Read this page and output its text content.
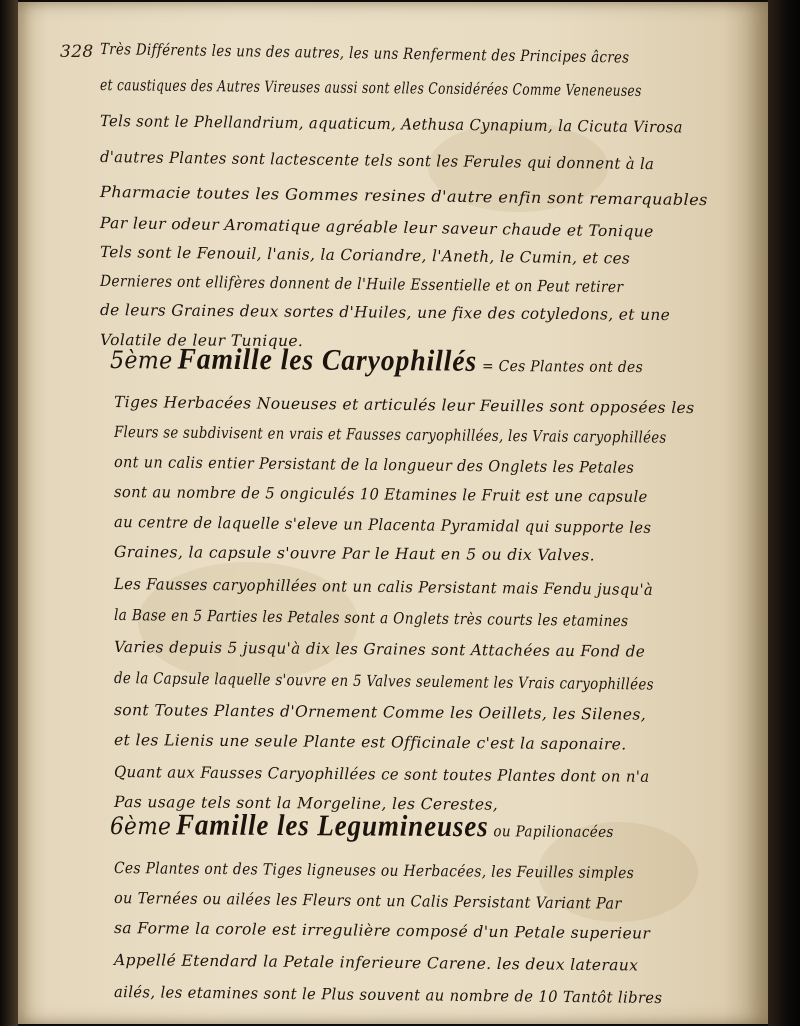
328 Très Différents les uns des autres, les uns Renferment des Principes âcres
et caustiques des Autres Vireuses aussi sont elles Considérées Comme Veneneuses
Tels sont le Phellandrium, aquaticum, Aethusa Cynapium, la Cicuta Virosa
d'autres Plantes sont lactescente tels sont les Ferules qui donnent à la
Pharmacie toutes les Gommes resines d'autre enfin sont remarquables
Par leur odeur Aromatique agréable leur saveur chaude et Tonique
Tels sont le Fenouil, l'anis, la Coriandre, l'Aneth, le Cumin, et ces
Dernieres ont ellifères donnent de l'Huile Essentielle et on Peut retirer
de leurs Graines deux sortes d'Huiles, une fixe des cotyledons, et une
Volatile de leur Tunique.
5ème Famille les Caryophillés = Ces Plantes ont des
Tiges Herbacées Noueuses et articulés leur Feuilles sont opposées les
Fleurs se subdivisent en vrais et Fausses caryophillées, les Vrais caryophillées
ont un calis entier Persistant de la longueur des Onglets les Petales
sont au nombre de 5 ongiculés 10 Etamines le Fruit est une capsule
au centre de laquelle s'eleve un Placenta Pyramidal qui supporte les
Graines, la capsule s'ouvre Par le Haut en 5 ou dix Valves.
Les Fausses caryophillées ont un calis Persistant mais Fendu jusqu'à
la Base en 5 Parties les Petales sont a Onglets très courts les etamines
Varies depuis 5 jusqu'à dix les Graines sont Attachées au Fond de
de la Capsule laquelle s'ouvre en 5 Valves seulement les Vrais caryophillées
sont Toutes Plantes d'Ornement Comme les Oeillets, les Silenes,
et les Lienis une seule Plante est Officinale c'est la saponaire.
Quant aux Fausses Caryophillées ce sont toutes Plantes dont on n'a
Pas usage tels sont la Morgeline, les Cerestes,
6ème Famille les Legumineuses ou Papilionacées
Ces Plantes ont des Tiges ligneuses ou Herbacées, les Feuilles simples
ou Ternées ou ailées les Fleurs ont un Calis Persistant Variant Par
sa Forme la corole est irregulière composé d'un Petale superieur
Appellé Etendard la Petale inferieure Carene. les deux lateraux
ailés, les etamines sont le Plus souvent au nombre de 10 Tantôt libres
